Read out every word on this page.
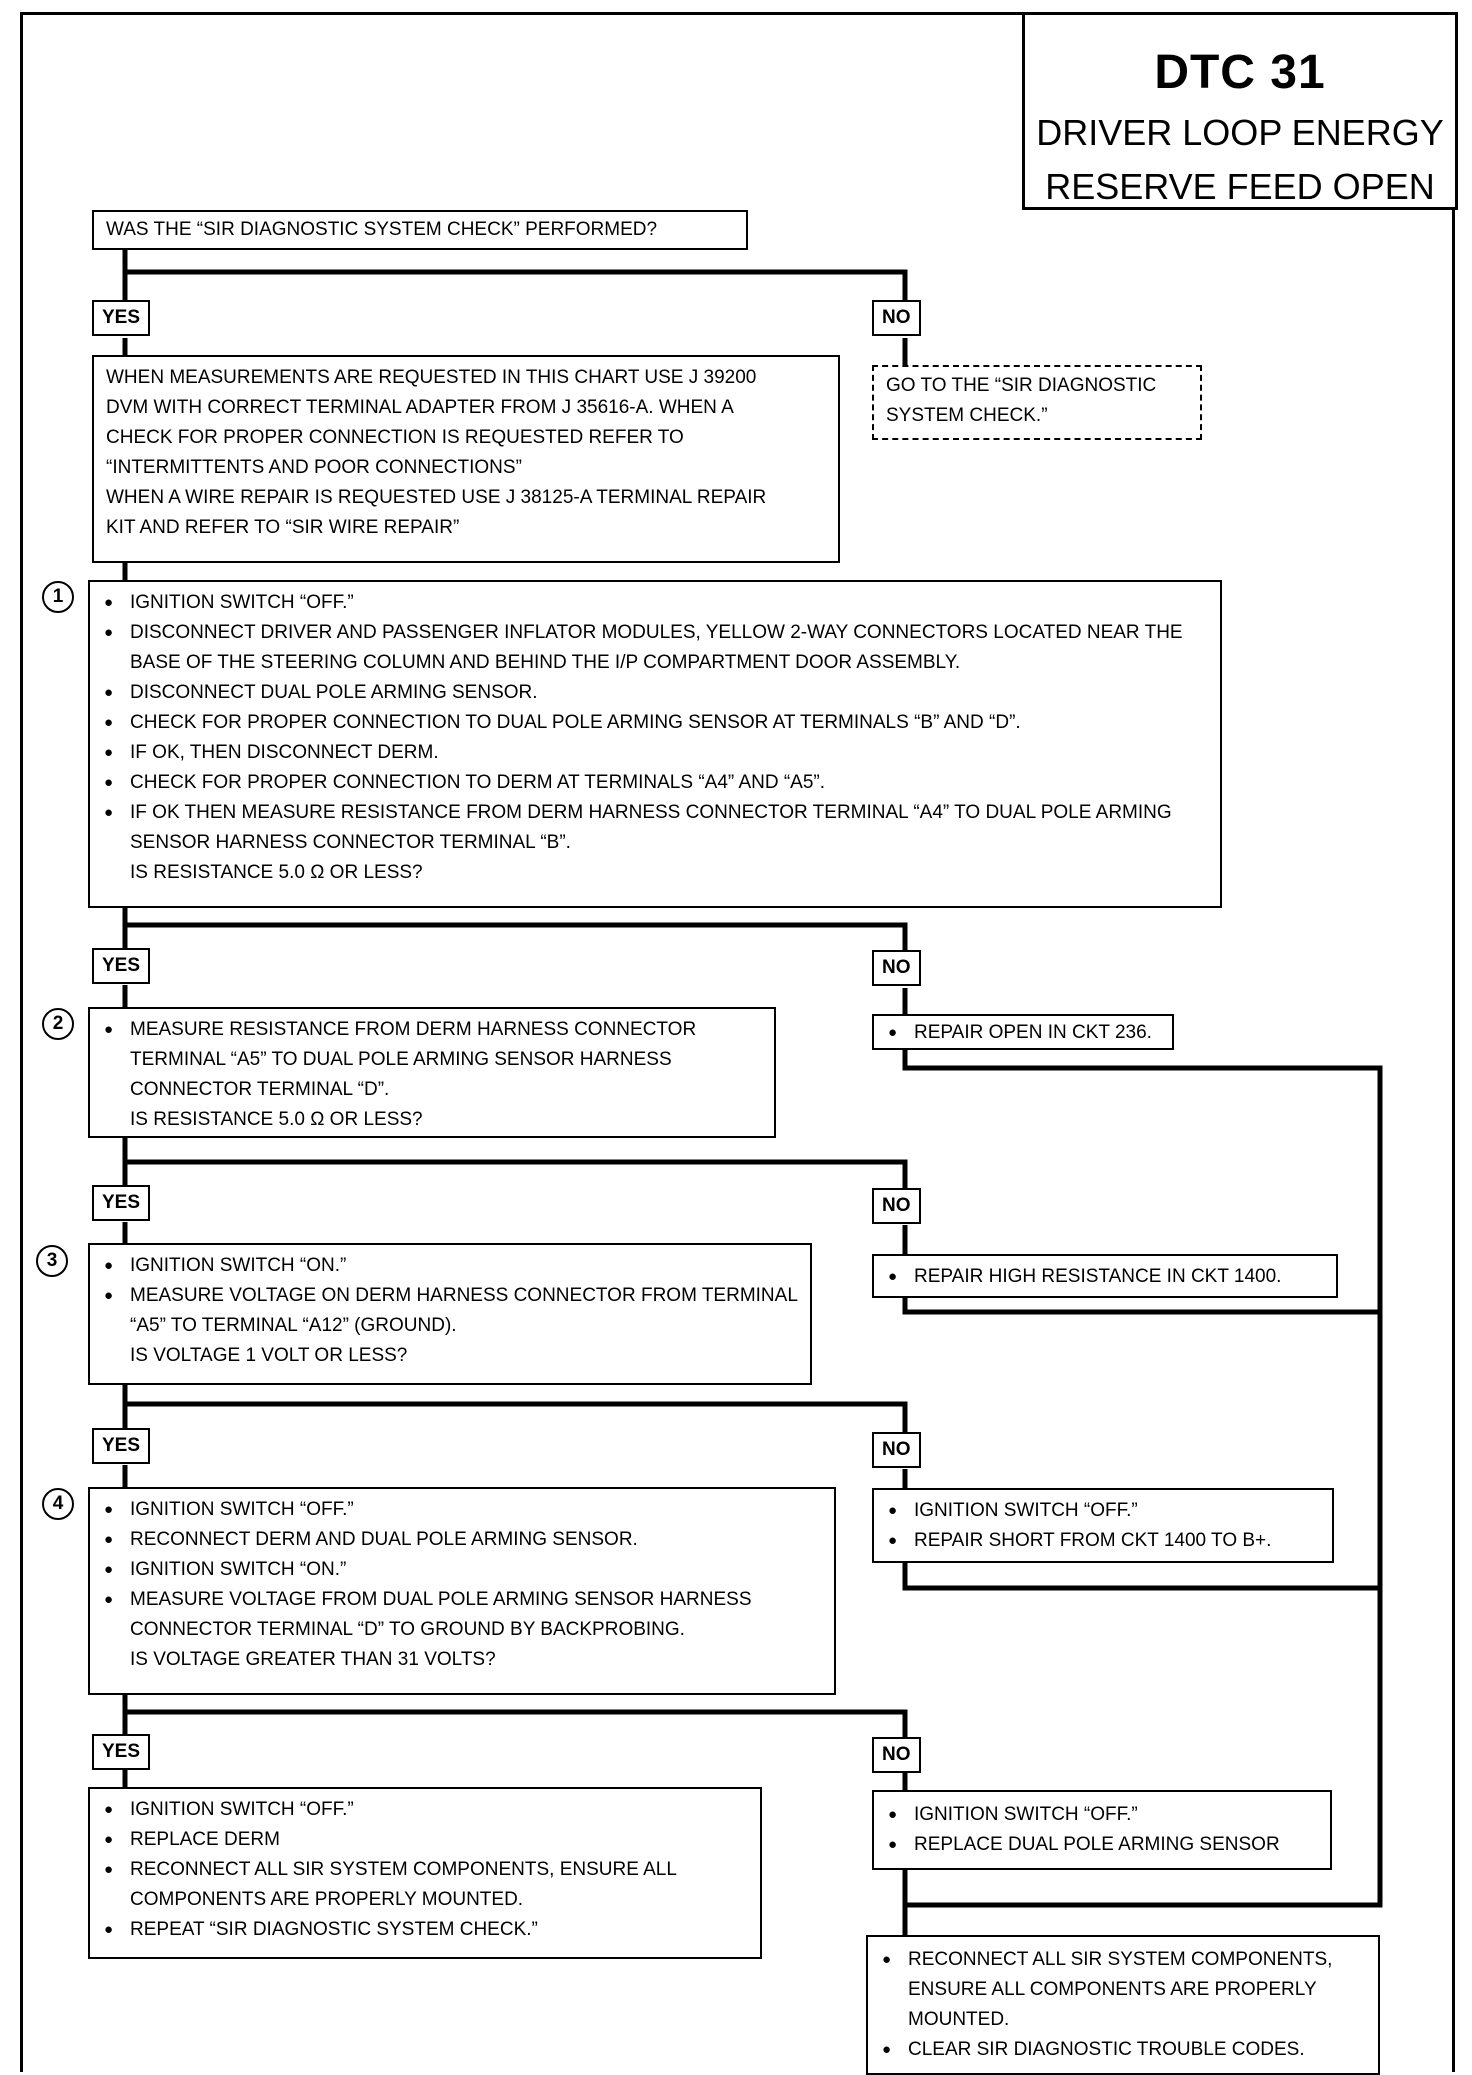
DTC 31
DRIVER LOOP ENERGY
RESERVE FEED OPEN
WAS THE “SIR DIAGNOSTIC SYSTEM CHECK” PERFORMED?
YES	NO
GO TO THE “SIR DIAGNOSTIC SYSTEM CHECK.”
WHEN MEASUREMENTS ARE REQUESTED IN THIS CHART USE J 39200
DVM WITH CORRECT TERMINAL ADAPTER FROM J 35616-A. WHEN A
CHECK FOR PROPER CONNECTION IS REQUESTED REFER TO
“INTERMITTENTS AND POOR CONNECTIONS”
WHEN A WIRE REPAIR IS REQUESTED USE J 38125-A TERMINAL REPAIR
KIT AND REFER TO “SIR WIRE REPAIR”
1	● IGNITION SWITCH “OFF.”
● DISCONNECT DRIVER AND PASSENGER INFLATOR MODULES, YELLOW 2-WAY CONNECTORS LOCATED NEAR THE BASE OF THE STEERING COLUMN AND BEHIND THE I/P COMPARTMENT DOOR ASSEMBLY.
● DISCONNECT DUAL POLE ARMING SENSOR.
● CHECK FOR PROPER CONNECTION TO DUAL POLE ARMING SENSOR AT TERMINALS “B” AND “D”.
● IF OK, THEN DISCONNECT DERM.
● CHECK FOR PROPER CONNECTION TO DERM AT TERMINALS “A4” AND “A5”.
● IF OK THEN MEASURE RESISTANCE FROM DERM HARNESS CONNECTOR TERMINAL “A4” TO DUAL POLE ARMING SENSOR HARNESS CONNECTOR TERMINAL “B”.
IS RESISTANCE 5.0 Ω OR LESS?
YES	NO
● REPAIR OPEN IN CKT 236.
2	● MEASURE RESISTANCE FROM DERM HARNESS CONNECTOR TERMINAL “A5” TO DUAL POLE ARMING SENSOR HARNESS CONNECTOR TERMINAL “D”.
IS RESISTANCE 5.0 Ω OR LESS?
YES	NO
● REPAIR HIGH RESISTANCE IN CKT 1400.
3	● IGNITION SWITCH “ON.”
● MEASURE VOLTAGE ON DERM HARNESS CONNECTOR FROM TERMINAL “A5” TO TERMINAL “A12” (GROUND).
IS VOLTAGE 1 VOLT OR LESS?
YES	NO
● IGNITION SWITCH “OFF.”
● REPAIR SHORT FROM CKT 1400 TO B+.
4	● IGNITION SWITCH “OFF.”
● RECONNECT DERM AND DUAL POLE ARMING SENSOR.
● IGNITION SWITCH “ON.”
● MEASURE VOLTAGE FROM DUAL POLE ARMING SENSOR HARNESS CONNECTOR TERMINAL “D” TO GROUND BY BACKPROBING.
IS VOLTAGE GREATER THAN 31 VOLTS?
YES	NO
● IGNITION SWITCH “OFF.”
● REPLACE DERM
● RECONNECT ALL SIR SYSTEM COMPONENTS, ENSURE ALL COMPONENTS ARE PROPERLY MOUNTED.
● REPEAT “SIR DIAGNOSTIC SYSTEM CHECK.”
● IGNITION SWITCH “OFF.”
● REPLACE DUAL POLE ARMING SENSOR
● RECONNECT ALL SIR SYSTEM COMPONENTS, ENSURE ALL COMPONENTS ARE PROPERLY MOUNTED.
● CLEAR SIR DIAGNOSTIC TROUBLE CODES.
